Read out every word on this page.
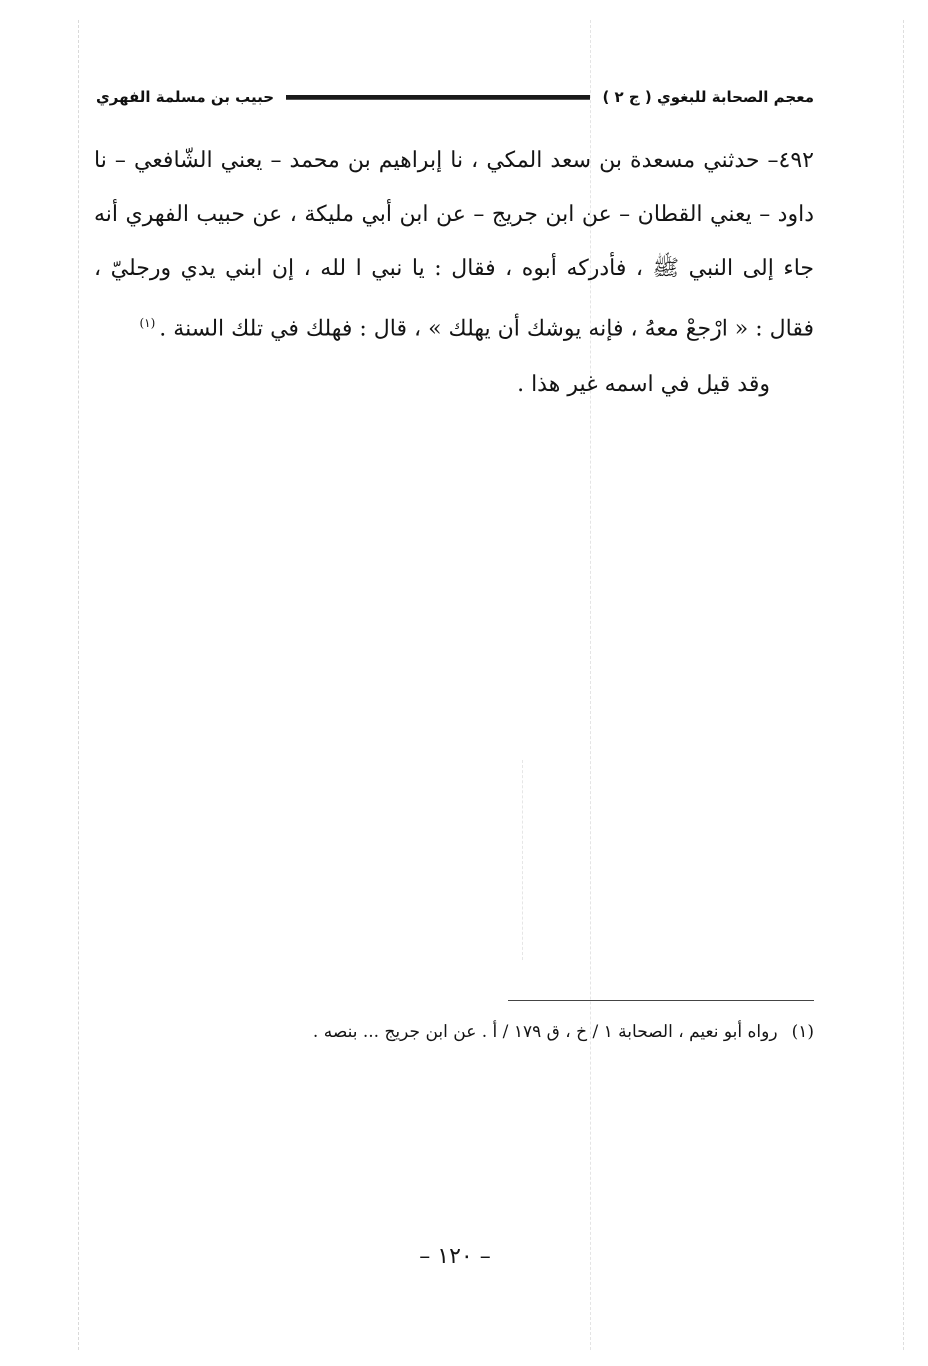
معجم الصحابة للبغوي ( ج ٢ )
حبيب بن مسلمة الفهري

٤٩٢– حدثني مسعدة بن سعد المكي ، نا إبراهيم بن محمد – يعني الشّافعي – نا داود – يعني القطان – عن ابن جريج – عن ابن أبي مليكة ، عن حبيب الفهري أنه جاء إلى النبي ﷺ ، فأدركه أبوه ، فقال : يا نبي ا لله ، إن ابني يدي ورجليّ ، فقال : « ارْجعْ معهُ ، فإنه يوشك أن يهلك » ، قال : فهلك في تلك السنة .$^{(١)}$

وقد قيل في اسمه غير هذا .

(١)رواه أبو نعيم ، الصحابة ١ / خ ، ق ١٧٩ / أ . عن ابن جريج ... بنصه .
– ١٢٠ –
